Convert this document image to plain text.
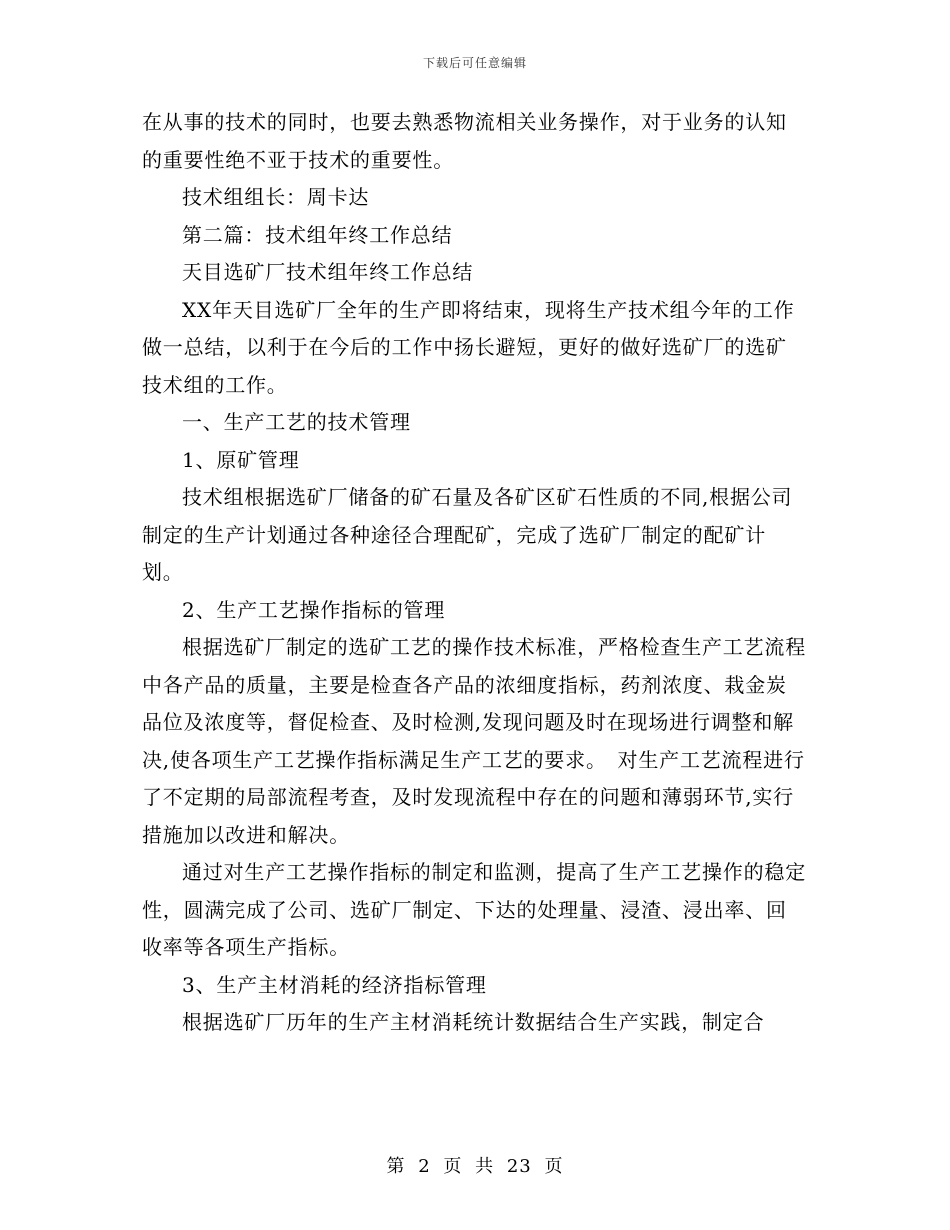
下载后可任意编辑

在从事的技术的同时，也要去熟悉物流相关业务操作，对于业务的认知的重要性绝不亚于技术的重要性。

技术组组长：周卡达

第二篇：技术组年终工作总结

天目选矿厂技术组年终工作总结

XX年天目选矿厂全年的生产即将结束，现将生产技术组今年的工作做一总结，以利于在今后的工作中扬长避短，更好的做好选矿厂的选矿技术组的工作。

一、生产工艺的技术管理

1、原矿管理

技术组根据选矿厂储备的矿石量及各矿区矿石性质的不同,根据公司制定的生产计划通过各种途径合理配矿，完成了选矿厂制定的配矿计划。

2、生产工艺操作指标的管理

根据选矿厂制定的选矿工艺的操作技术标准，严格检查生产工艺流程中各产品的质量，主要是检查各产品的浓细度指标，药剂浓度、栽金炭品位及浓度等，督促检查、及时检测,发现问题及时在现场进行调整和解决,使各项生产工艺操作指标满足生产工艺的要求。　对生产工艺流程进行了不定期的局部流程考查，及时发现流程中存在的问题和薄弱环节,实行措施加以改进和解决。

通过对生产工艺操作指标的制定和监测，提高了生产工艺操作的稳定性，圆满完成了公司、选矿厂制定、下达的处理量、浸渣、浸出率、回收率等各项生产指标。

3、生产主材消耗的经济指标管理

根据选矿厂历年的生产主材消耗统计数据结合生产实践，制定合

第 2 页 共 23 页
